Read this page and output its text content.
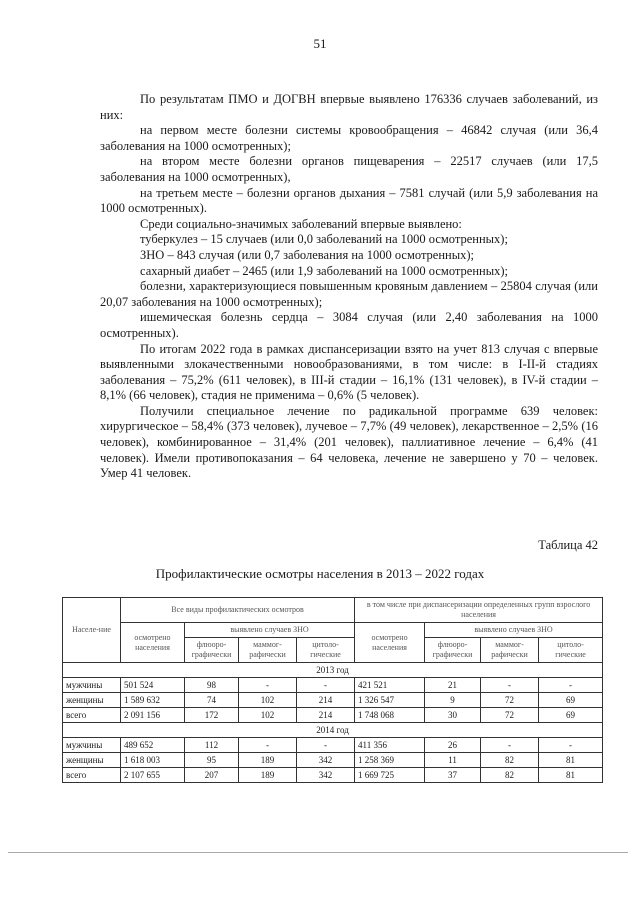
51

По результатам ПМО и ДОГВН впервые выявлено 176336 случаев заболеваний, из них:

на первом месте болезни системы кровообращения – 46842 случая (или 36,4 заболевания на 1000 осмотренных);

на втором месте болезни органов пищеварения – 22517 случаев (или 17,5 заболевания на 1000 осмотренных),

на третьем месте – болезни органов дыхания – 7581 случай (или 5,9 заболевания на 1000 осмотренных).

Среди социально-значимых заболеваний впервые выявлено:

туберкулез – 15 случаев (или 0,0 заболеваний на 1000 осмотренных);

ЗНО – 843 случая (или 0,7 заболевания на 1000 осмотренных);

сахарный диабет – 2465 (или 1,9 заболеваний на 1000 осмотренных);

болезни, характеризующиеся повышенным кровяным давлением – 25804 случая (или 20,07 заболевания на 1000 осмотренных);

ишемическая болезнь сердца – 3084 случая (или 2,40 заболевания на 1000 осмотренных).

По итогам 2022 года в рамках диспансеризации взято на учет 813 случая с впервые выявленными злокачественными новообразованиями, в том числе: в I-II-й стадиях заболевания – 75,2% (611 человек), в III-й стадии – 16,1% (131 человек), в IV-й стадии – 8,1% (66 человек), стадия не применима – 0,6% (5 человек).

Получили специальное лечение по радикальной программе 639 человек: хирургическое – 58,4% (373 человек), лучевое – 7,7% (49 человек), лекарственное – 2,5% (16 человек), комбинированное – 31,4% (201 человек), паллиативное лечение – 6,4% (41 человек). Имели противопоказания – 64 человека, лечение не завершено у 70 – человек. Умер 41 человек.

Таблица 42
Профилактические осмотры населения в 2013 – 2022 годах
Населе-ние	Все виды профилактических осмотров				в том числе при диспансеризации определенных групп взрослого населения			
	осмотрено населения	выявлено случаев ЗНО			осмотрено населения	выявлено случаев ЗНО		
		флюоро-графически	маммог-рафически	цитоло-гические		флюоро-графически	маммог-рафически	цитоло-гические
2013 год								
мужчины	501 524	98	-	-	421 521	21	-	-
женщины	1 589 632	74	102	214	1 326 547	9	72	69
всего	2 091 156	172	102	214	1 748 068	30	72	69
2014 год								
мужчины	489 652	112	-	-	411 356	26	-	-
женщины	1 618 003	95	189	342	1 258 369	11	82	81
всего	2 107 655	207	189	342	1 669 725	37	82	81
